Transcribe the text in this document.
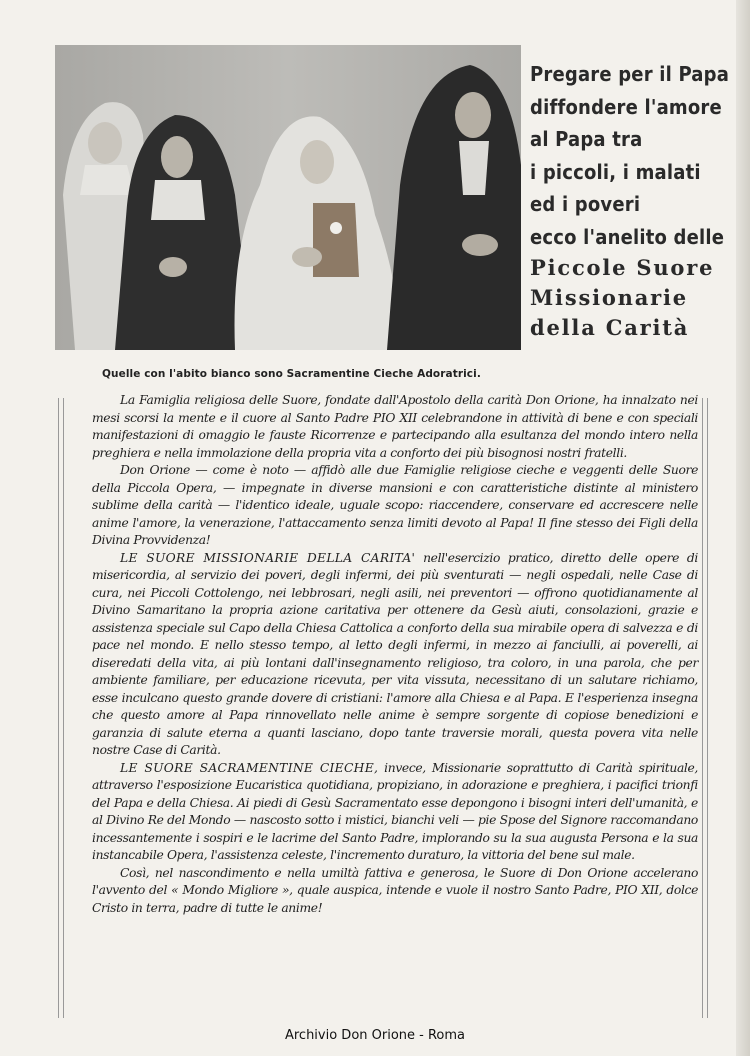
Pregare per il Papa
diffondere l'amore
al Papa tra
i piccoli, i malati
ed i poveri
ecco l'anelito delle
Piccole Suore
Missionarie
della Carità

Quelle con l'abito bianco sono Sacramentine Cieche Adoratrici.

La Famiglia religiosa delle Suore, fondate dall'Apostolo della carità Don Orione, ha innalzato nei mesi scorsi la mente e il cuore al Santo Padre PIO XII celebrandone in attività di bene e con speciali manifestazioni di omaggio le fauste Ricorrenze e partecipando alla esultanza del mondo intero nella preghiera e nella immolazione della propria vita a conforto dei più bisognosi nostri fratelli.

Don Orione — come è noto — affidò alle due Famiglie religiose cieche e veggenti delle Suore della Piccola Opera, — impegnate in diverse mansioni e con caratteristiche distinte al ministero sublime della carità — l'identico ideale, uguale scopo: riaccendere, conservare ed accrescere nelle anime l'amore, la venerazione, l'attaccamento senza limiti devoto al Papa! Il fine stesso dei Figli della Divina Provvidenza!

LE SUORE MISSIONARIE DELLA CARITA' nell'esercizio pratico, diretto delle opere di misericordia, al servizio dei poveri, degli infermi, dei più sventurati — negli ospedali, nelle Case di cura, nei Piccoli Cottolengo, nei lebbrosari, negli asili, nei preventori — offrono quotidianamente al Divino Samaritano la propria azione caritativa per ottenere da Gesù aiuti, consolazioni, grazie e assistenza speciale sul Capo della Chiesa Cattolica a conforto della sua mirabile opera di salvezza e di pace nel mondo. E nello stesso tempo, al letto degli infermi, in mezzo ai fanciulli, ai poverelli, ai diseredati della vita, ai più lontani dall'insegnamento religioso, tra coloro, in una parola, che per ambiente familiare, per educazione ricevuta, per vita vissuta, necessitano di un salutare richiamo, esse inculcano questo grande dovere di cristiani: l'amore alla Chiesa e al Papa. E l'esperienza insegna che questo amore al Papa rinnovellato nelle anime è sempre sorgente di copiose benedizioni e garanzia di salute eterna a quanti lasciano, dopo tante traversie morali, questa povera vita nelle nostre Case di Carità.

LE SUORE SACRAMENTINE CIECHE, invece, Missionarie soprattutto di Carità spirituale, attraverso l'esposizione Eucaristica quotidiana, propiziano, in adorazione e preghiera, i pacifici trionfi del Papa e della Chiesa. Ai piedi di Gesù Sacramentato esse depongono i bisogni interi dell'umanità, e al Divino Re del Mondo — nascosto sotto i mistici, bianchi veli — pie Spose del Signore raccomandano incessantemente i sospiri e le lacrime del Santo Padre, implorando su la sua augusta Persona e la sua instancabile Opera, l'assistenza celeste, l'incremento duraturo, la vittoria del bene sul male.

Così, nel nascondimento e nella umiltà fattiva e generosa, le Suore di Don Orione accelerano l'avvento del « Mondo Migliore », quale auspica, intende e vuole il nostro Santo Padre, PIO XII, dolce Cristo in terra, padre di tutte le anime!

Archivio Don Orione - Roma
